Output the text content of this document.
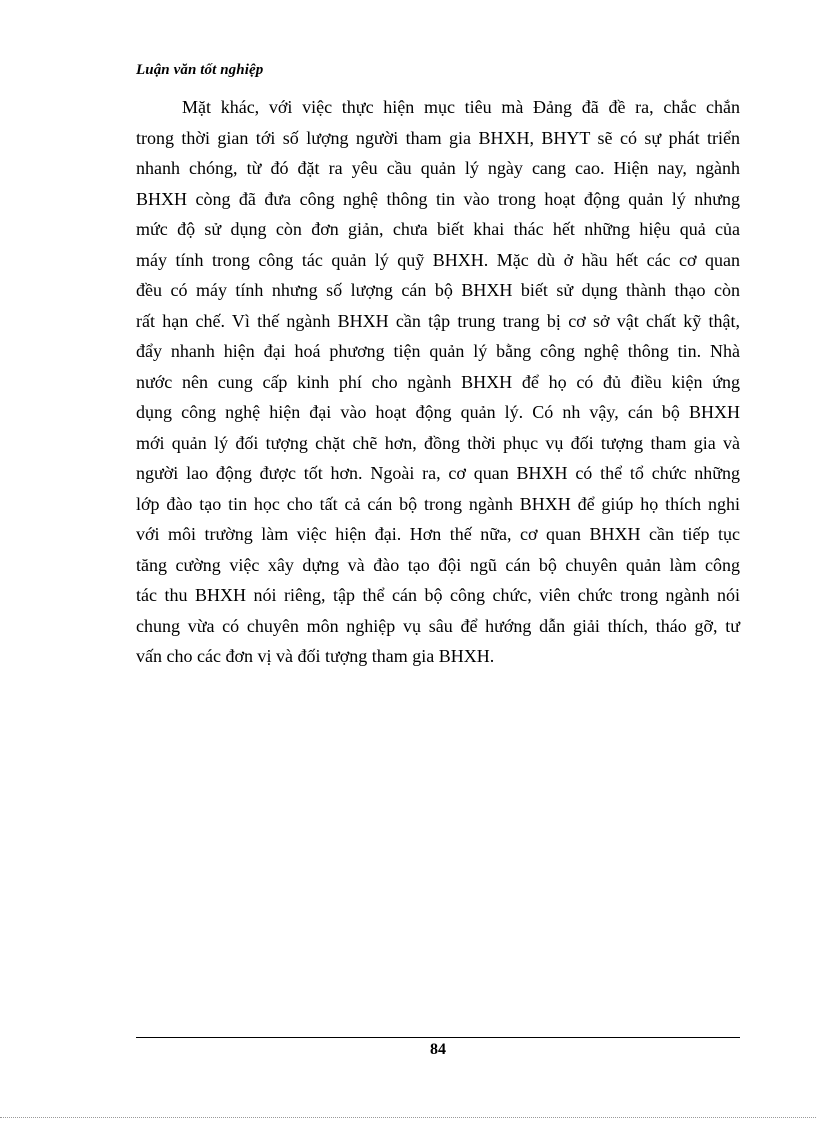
Luận văn tốt nghiệp
Mặt khác, với việc thực hiện mục tiêu mà Đảng đã đề ra, chắc chắn
trong thời gian tới số lượng người tham gia BHXH, BHYT sẽ có sự phát triển
nhanh chóng, từ đó đặt ra yêu cầu quản lý ngày cang cao. Hiện nay, ngành
BHXH còng đã đưa công nghệ thông tin vào trong hoạt động quản lý nhưng
mức độ sử dụng còn đơn giản, chưa biết khai thác hết những hiệu quả của
máy tính trong công tác quản lý quỹ BHXH. Mặc dù ở hầu hết các cơ quan
đều có máy tính nhưng số lượng cán bộ BHXH biết sử dụng thành thạo còn
rất hạn chế. Vì thế ngành BHXH cần tập trung trang bị cơ sở vật chất kỹ thật,
đẩy nhanh hiện đại hoá phương tiện quản lý bằng công nghệ thông tin. Nhà
nước nên cung cấp kinh phí cho ngành BHXH để họ có đủ điều kiện ứng
dụng công nghệ hiện đại vào hoạt động quản lý. Có nh vậy, cán bộ BHXH
mới quản lý đối tượng chặt chẽ hơn, đồng thời phục vụ đối tượng tham gia và
người lao động được tốt hơn. Ngoài ra, cơ quan BHXH có thể tổ chức những
lớp đào tạo tin học cho tất cả cán bộ trong ngành BHXH để giúp họ thích nghi
với môi trường làm việc hiện đại. Hơn thế nữa, cơ quan BHXH cần tiếp tục
tăng cường việc xây dựng và đào tạo đội ngũ cán bộ chuyên quản làm công
tác thu BHXH nói riêng, tập thể cán bộ công chức, viên chức trong ngành nói
chung vừa có chuyên môn nghiệp vụ sâu để hướng dẫn giải thích, tháo gỡ, tư
vấn cho các đơn vị và đối tượng tham gia BHXH.
84
